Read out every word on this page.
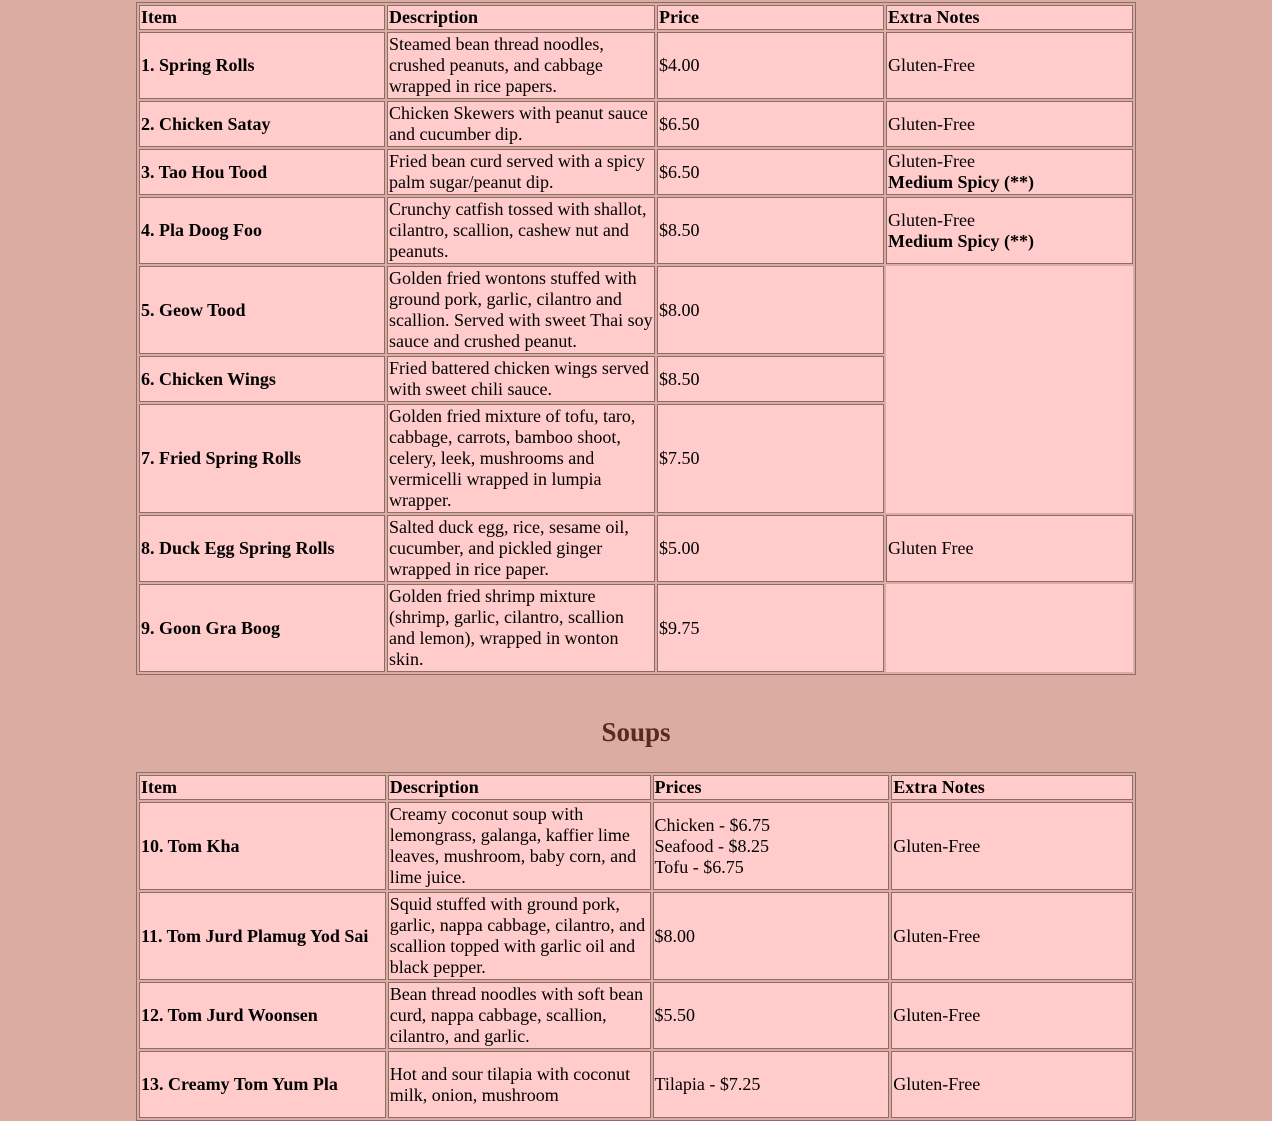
Item	Description	Price	Extra Notes
1. Spring Rolls	Steamed bean thread noodles, crushed peanuts, and cabbage wrapped in rice papers.	$4.00	Gluten-Free
2. Chicken Satay	Chicken Skewers with peanut sauce and cucumber dip.	$6.50	Gluten-Free
3. Tao Hou Tood	Fried bean curd served with a spicy palm sugar/peanut dip.	$6.50	Gluten-Free
Medium Spicy (**)

4. Pla Doog Foo	Crunchy catfish tossed with shallot, cilantro, scallion, cashew nut and peanuts.	$8.50	Gluten-Free
Medium Spicy (**)

5. Geow Tood	Golden fried wontons stuffed with ground pork, garlic, cilantro and scallion. Served with sweet Thai soy sauce and crushed peanut.	$8.00	
6. Chicken Wings	Fried battered chicken wings served with sweet chili sauce.	$8.50	
7. Fried Spring Rolls	Golden fried mixture of tofu, taro, cabbage, carrots, bamboo shoot, celery, leek, mushrooms and vermicelli wrapped in lumpia wrapper.	$7.50	
8. Duck Egg Spring Rolls	Salted duck egg, rice, sesame oil, cucumber, and pickled ginger wrapped in rice paper.	$5.00	Gluten Free
9. Goon Gra Boog	Golden fried shrimp mixture (shrimp, garlic, cilantro, scallion and lemon), wrapped in wonton skin.	$9.75	
Soups
Item	Description	Prices	Extra Notes
10. Tom Kha	Creamy coconut soup with lemongrass, galanga, kaffier lime leaves, mushroom, baby corn, and lime juice.	Chicken - $6.75
Seafood - $8.25
Tofu - $6.75	Gluten-Free
11. Tom Jurd Plamug Yod Sai	Squid stuffed with ground pork, garlic, nappa cabbage, cilantro, and scallion topped with garlic oil and black pepper.	$8.00	Gluten-Free
12. Tom Jurd Woonsen	Bean thread noodles with soft bean curd, nappa cabbage, scallion, cilantro, and garlic.	$5.50	Gluten-Free
13. Creamy Tom Yum Pla	Hot and sour tilapia with coconut milk, onion, mushroom	Tilapia - $7.25	Gluten-Free
